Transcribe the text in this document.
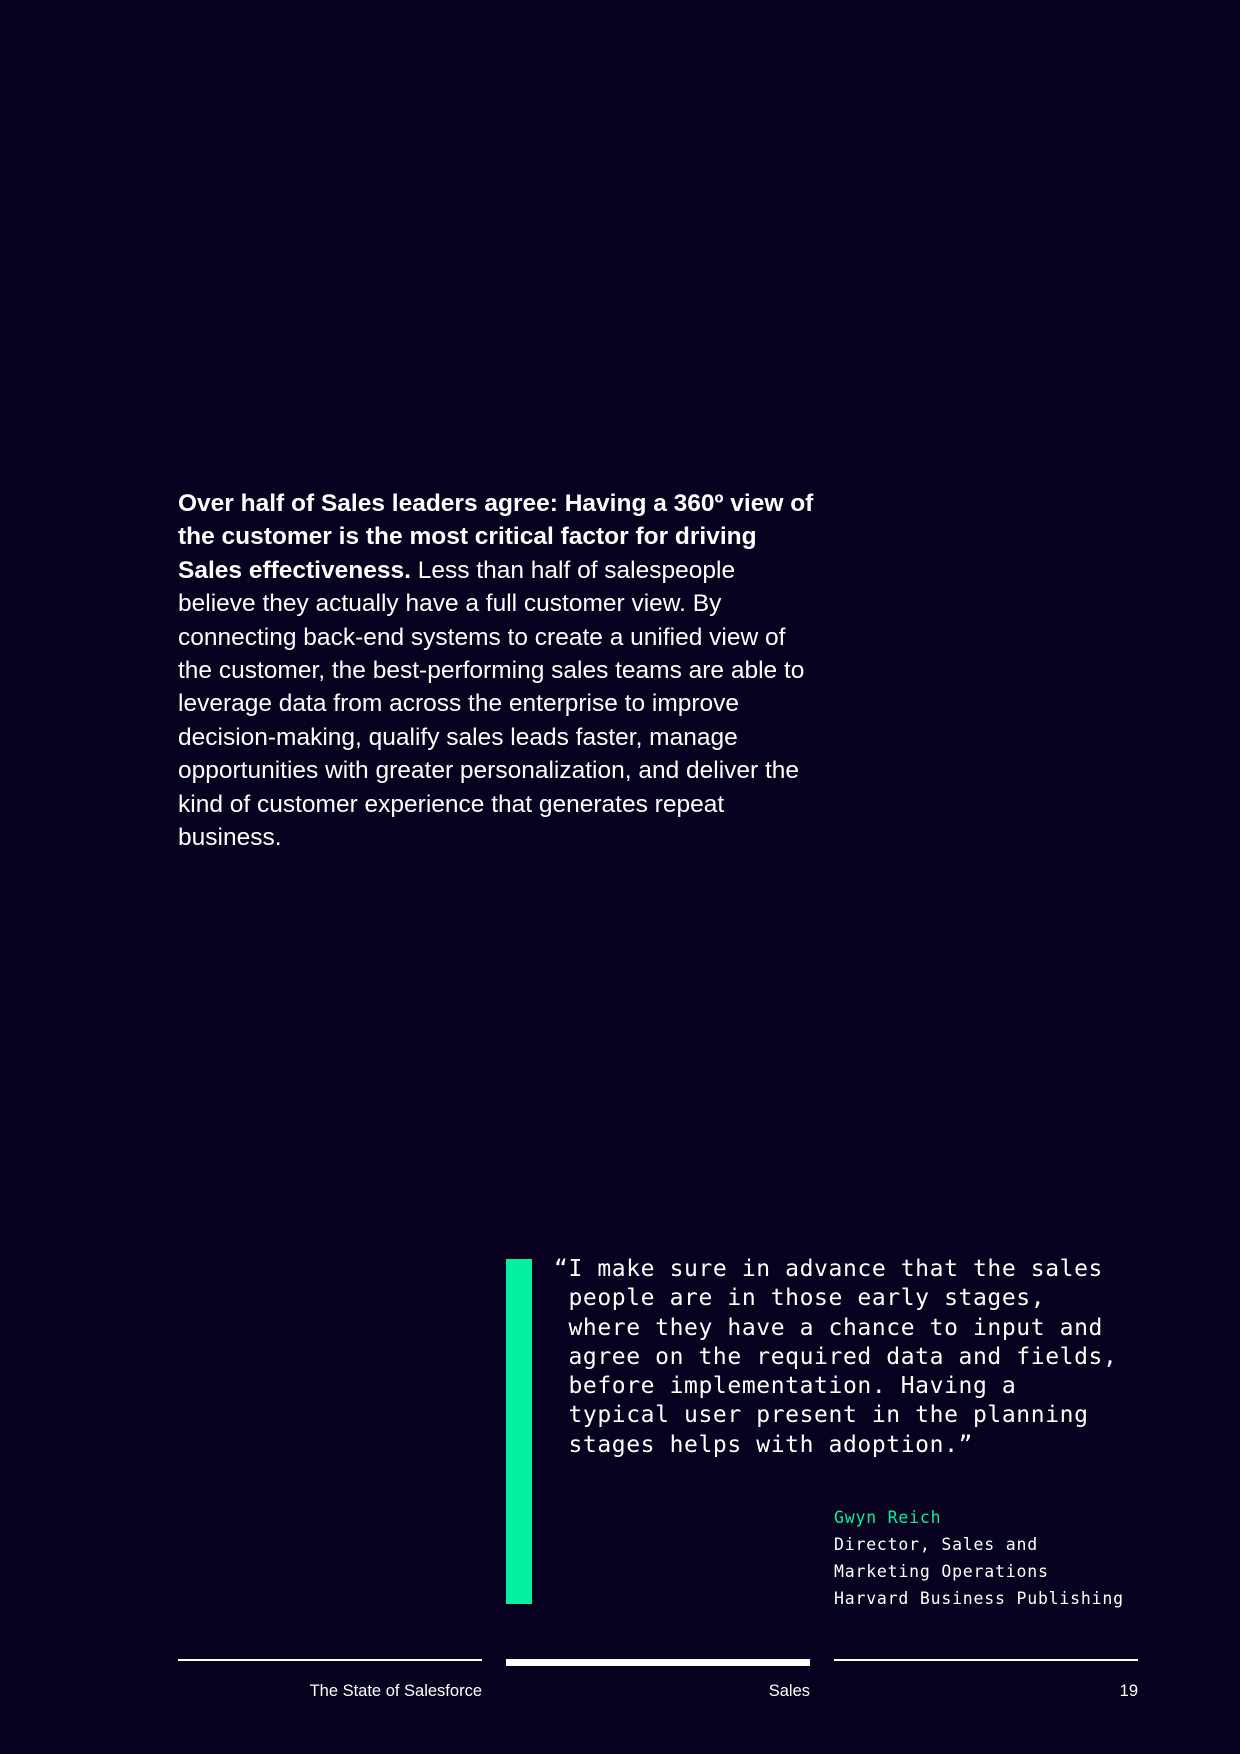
Over half of Sales leaders agree: Having a 360º view of the customer is the most critical factor for driving Sales effectiveness. Less than half of salespeople believe they actually have a full customer view. By connecting back-end systems to create a unified view of the customer, the best-performing sales teams are able to leverage data from across the enterprise to improve decision-making, qualify sales leads faster, manage opportunities with greater personalization, and deliver the kind of customer experience that generates repeat business.

“I make sure in advance that the sales
people are in those early stages,
where they have a chance to input and
agree on the required data and fields,
before implementation. Having a
typical user present in the planning
stages helps with adoption.”

Gwyn Reich
Director, Sales and
Marketing Operations
Harvard Business Publishing
The State of Salesforce	Sales	19
